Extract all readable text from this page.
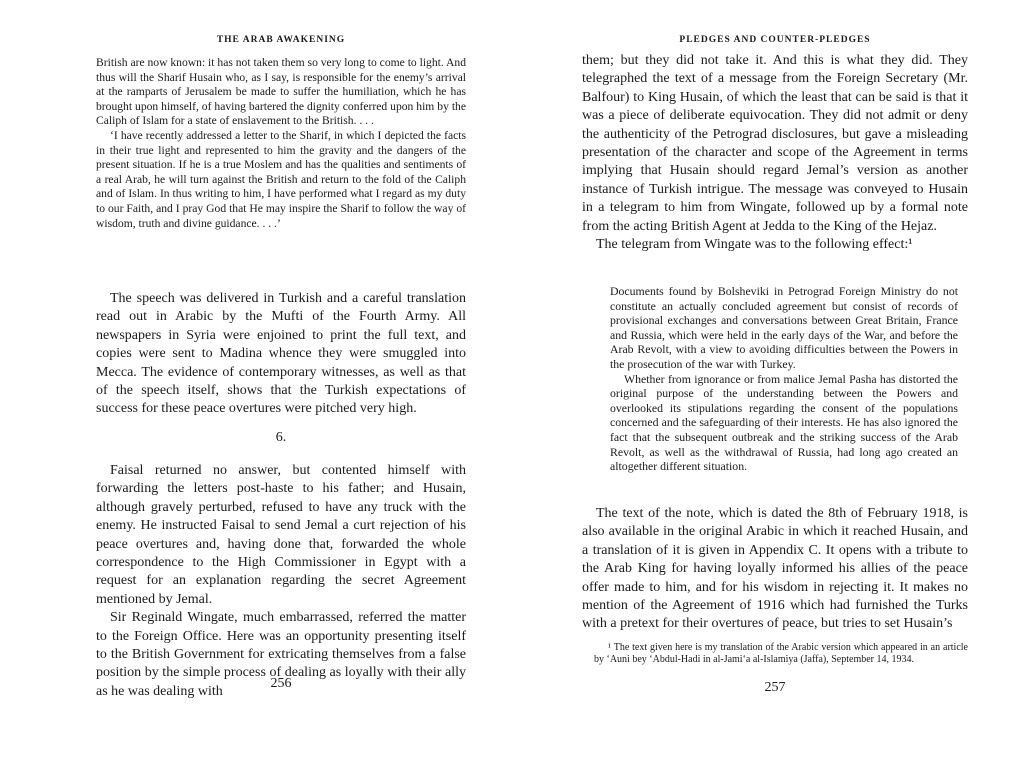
THE ARAB AWAKENING

British are now known: it has not taken them so very long to come to light. And thus will the Sharif Husain who, as I say, is responsible for the enemy’s arrival at the ramparts of Jerusalem be made to suffer the humiliation, which he has brought upon himself, of having bartered the dignity conferred upon him by the Caliph of Islam for a state of enslavement to the British. . . .

‘I have recently addressed a letter to the Sharif, in which I depicted the facts in their true light and represented to him the gravity and the dangers of the present situation. If he is a true Moslem and has the qualities and sentiments of a real Arab, he will turn against the British and return to the fold of the Caliph and of Islam. In thus writing to him, I have performed what I regard as my duty to our Faith, and I pray God that He may inspire the Sharif to follow the way of wisdom, truth and divine guidance. . . .’

The speech was delivered in Turkish and a careful translation read out in Arabic by the Mufti of the Fourth Army. All newspapers in Syria were enjoined to print the full text, and copies were sent to Madina whence they were smuggled into Mecca. The evidence of contemporary witnesses, as well as that of the speech itself, shows that the Turkish expectations of success for these peace overtures were pitched very high.

6.

Faisal returned no answer, but contented himself with forwarding the letters post-haste to his father; and Husain, although gravely perturbed, refused to have any truck with the enemy. He instructed Faisal to send Jemal a curt rejection of his peace overtures and, having done that, forwarded the whole correspondence to the High Commissioner in Egypt with a request for an explanation regarding the secret Agreement mentioned by Jemal.

Sir Reginald Wingate, much embarrassed, referred the matter to the Foreign Office. Here was an opportunity presenting itself to the British Government for extricating themselves from a false position by the simple process of dealing as loyally with their ally as he was dealing with

256
PLEDGES AND COUNTER-PLEDGES

them; but they did not take it. And this is what they did. They telegraphed the text of a message from the Foreign Secretary (Mr. Balfour) to King Husain, of which the least that can be said is that it was a piece of deliberate equivocation. They did not admit or deny the authenticity of the Petrograd disclosures, but gave a misleading presentation of the character and scope of the Agreement in terms implying that Husain should regard Jemal’s version as another instance of Turkish intrigue. The message was conveyed to Husain in a telegram to him from Wingate, followed up by a formal note from the acting British Agent at Jedda to the King of the Hejaz.

The telegram from Wingate was to the following effect:¹

Documents found by Bolsheviki in Petrograd Foreign Ministry do not constitute an actually concluded agreement but consist of records of provisional exchanges and conversations between Great Britain, France and Russia, which were held in the early days of the War, and before the Arab Revolt, with a view to avoiding difficulties between the Powers in the prosecution of the war with Turkey.

Whether from ignorance or from malice Jemal Pasha has distorted the original purpose of the understanding between the Powers and overlooked its stipulations regarding the consent of the populations concerned and the safeguarding of their interests. He has also ignored the fact that the subsequent outbreak and the striking success of the Arab Revolt, as well as the withdrawal of Russia, had long ago created an altogether different situation.

The text of the note, which is dated the 8th of February 1918, is also available in the original Arabic in which it reached Husain, and a translation of it is given in Appendix C. It opens with a tribute to the Arab King for having loyally informed his allies of the peace offer made to him, and for his wisdom in rejecting it. It makes no mention of the Agreement of 1916 which had furnished the Turks with a pretext for their overtures of peace, but tries to set Husain’s

¹ The text given here is my translation of the Arabic version which appeared in an article by ‘Auni bey ‘Abdul-Hadi in al-Jami‘a al-Islamiya (Jaffa), September 14, 1934.

257
